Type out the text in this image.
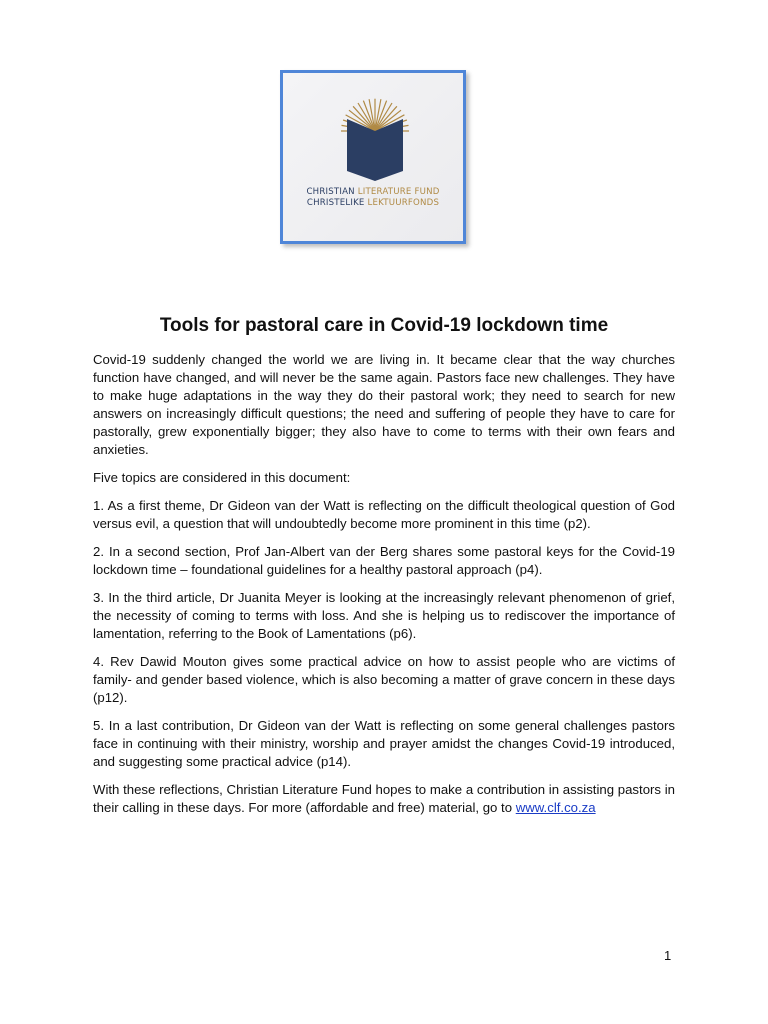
CHRISTIAN LITERATURE FUND
CHRISTELIKE LEKTUURFONDS
Tools for pastoral care in Covid-19 lockdown time

Covid-19 suddenly changed the world we are living in. It became clear that the way churches function have changed, and will never be the same again. Pastors face new challenges. They have to make huge adaptations in the way they do their pastoral work; they need to search for new answers on increasingly difficult questions; the need and suffering of people they have to care for pastorally, grew exponentially bigger; they also have to come to terms with their own fears and anxieties.

Five topics are considered in this document:

1. As a first theme, Dr Gideon van der Watt is reflecting on the difficult theological question of God versus evil, a question that will undoubtedly become more prominent in this time (p2).

2. In a second section, Prof Jan-Albert van der Berg shares some pastoral keys for the Covid-19 lockdown time – foundational guidelines for a healthy pastoral approach (p4).

3. In the third article, Dr Juanita Meyer is looking at the increasingly relevant phenomenon of grief, the necessity of coming to terms with loss. And she is helping us to rediscover the importance of lamentation, referring to the Book of Lamentations (p6).

4. Rev Dawid Mouton gives some practical advice on how to assist people who are victims of family- and gender based violence, which is also becoming a matter of grave concern in these days (p12).

5. In a last contribution, Dr Gideon van der Watt is reflecting on some general challenges pastors face in continuing with their ministry, worship and prayer amidst the changes Covid-19 introduced, and suggesting some practical advice (p14).

With these reflections, Christian Literature Fund hopes to make a contribution in assisting pastors in their calling in these days. For more (affordable and free) material, go to www.clf.co.za

1
